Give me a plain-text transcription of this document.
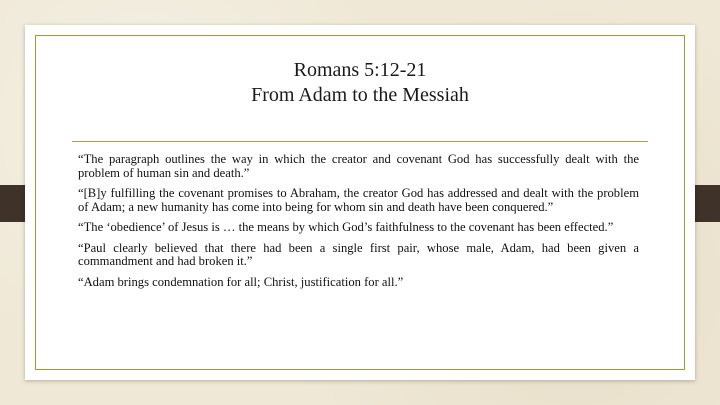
Romans 5:12-21
From Adam to the Messiah

“The paragraph outlines the way in which the creator and covenant God has successfully dealt with the problem of human sin and death.”

“[B]y fulfilling the covenant promises to Abraham, the creator God has addressed and dealt with the problem of Adam; a new humanity has come into being for whom sin and death have been conquered.”

“The ‘obedience’ of Jesus is … the means by which God’s faithfulness to the covenant has been effected.”

“Paul clearly believed that there had been a single first pair, whose male, Adam, had been given a commandment and had broken it.”

“Adam brings condemnation for all; Christ, justification for all.”
